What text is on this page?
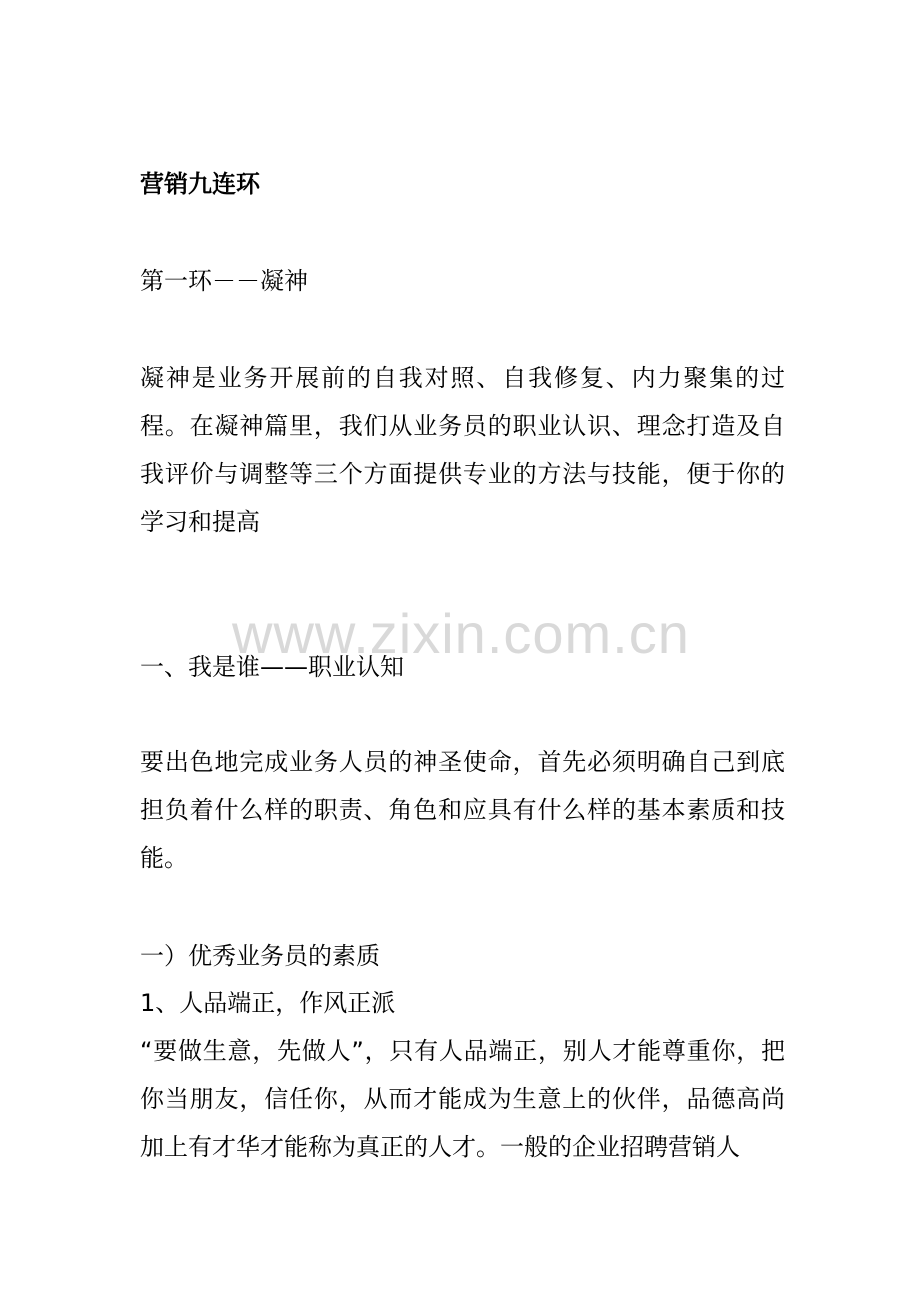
营销九连环

第一环－－凝神

凝神是业务开展前的自我对照、自我修复、内力聚集的过程。在凝神篇里，我们从业务员的职业认识、理念打造及自我评价与调整等三个方面提供专业的方法与技能，便于你的学习和提高

www.zixin.com.cn

一、我是谁——职业认知

要出色地完成业务人员的神圣使命，首先必须明确自己到底担负着什么样的职责、角色和应具有什么样的基本素质和技能。

一）优秀业务员的素质

1、人品端正，作风正派

“要做生意，先做人”，只有人品端正，别人才能尊重你，把你当朋友，信任你，从而才能成为生意上的伙伴，品德高尚加上有才华才能称为真正的人才。一般的企业招聘营销人
